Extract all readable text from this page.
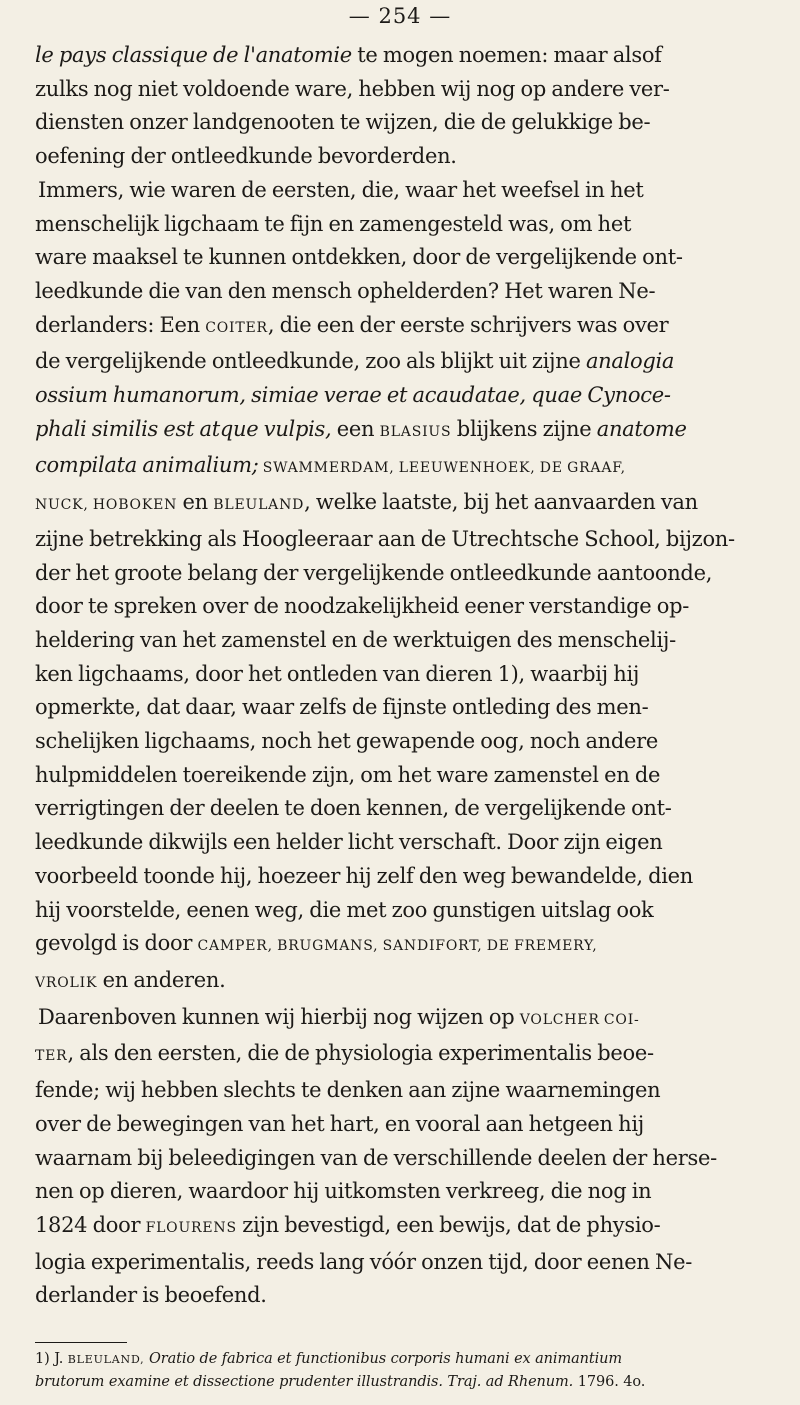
— 254 —
le pays classique de l'anatomie te mogen noemen: maar alsof
zulks nog niet voldoende ware, hebben wij nog op andere ver-
diensten onzer landgenooten te wijzen, die de gelukkige be-
oefening der ontleedkunde bevorderden.
Immers, wie waren de eersten, die, waar het weefsel in het
menschelijk ligchaam te fijn en zamengesteld was, om het
ware maaksel te kunnen ontdekken, door de vergelijkende ont-
leedkunde die van den mensch ophelderden? Het waren Ne-
derlanders: Een COITER, die een der eerste schrijvers was over
de vergelijkende ontleedkunde, zoo als blijkt uit zijne analogia
ossium humanorum, simiae verae et acaudatae, quae Cynoce-
phali similis est atque vulpis, een BLASIUS blijkens zijne anatome
compilata animalium; SWAMMERDAM, LEEUWENHOEK, DE GRAAF,
NUCK, HOBOKEN en BLEULAND, welke laatste, bij het aanvaarden van
zijne betrekking als Hoogleeraar aan de Utrechtsche School, bijzon-
der het groote belang der vergelijkende ontleedkunde aantoonde,
door te spreken over de noodzakelijkheid eener verstandige op-
heldering van het zamenstel en de werktuigen des menschelij-
ken ligchaams, door het ontleden van dieren 1), waarbij hij
opmerkte, dat daar, waar zelfs de fijnste ontleding des men-
schelijken ligchaams, noch het gewapende oog, noch andere
hulpmiddelen toereikende zijn, om het ware zamenstel en de
verrigtingen der deelen te doen kennen, de vergelijkende ont-
leedkunde dikwijls een helder licht verschaft. Door zijn eigen
voorbeeld toonde hij, hoezeer hij zelf den weg bewandelde, dien
hij voorstelde, eenen weg, die met zoo gunstigen uitslag ook
gevolgd is door CAMPER, BRUGMANS, SANDIFORT, DE FREMERY,
VROLIK en anderen.
Daarenboven kunnen wij hierbij nog wijzen op VOLCHER COI-
TER, als den eersten, die de physiologia experimentalis beoe-
fende; wij hebben slechts te denken aan zijne waarnemingen
over de bewegingen van het hart, en vooral aan hetgeen hij
waarnam bij beleedigingen van de verschillende deelen der herse-
nen op dieren, waardoor hij uitkomsten verkreeg, die nog in
1824 door FLOURENS zijn bevestigd, een bewijs, dat de physio-
logia experimentalis, reeds lang vóór onzen tijd, door eenen Ne-
derlander is beoefend.
1) J. BLEULAND, Oratio de fabrica et functionibus corporis humani ex animantium
brutorum examine et dissectione prudenter illustrandis. Traj. ad Rhenum. 1796. 4o.
